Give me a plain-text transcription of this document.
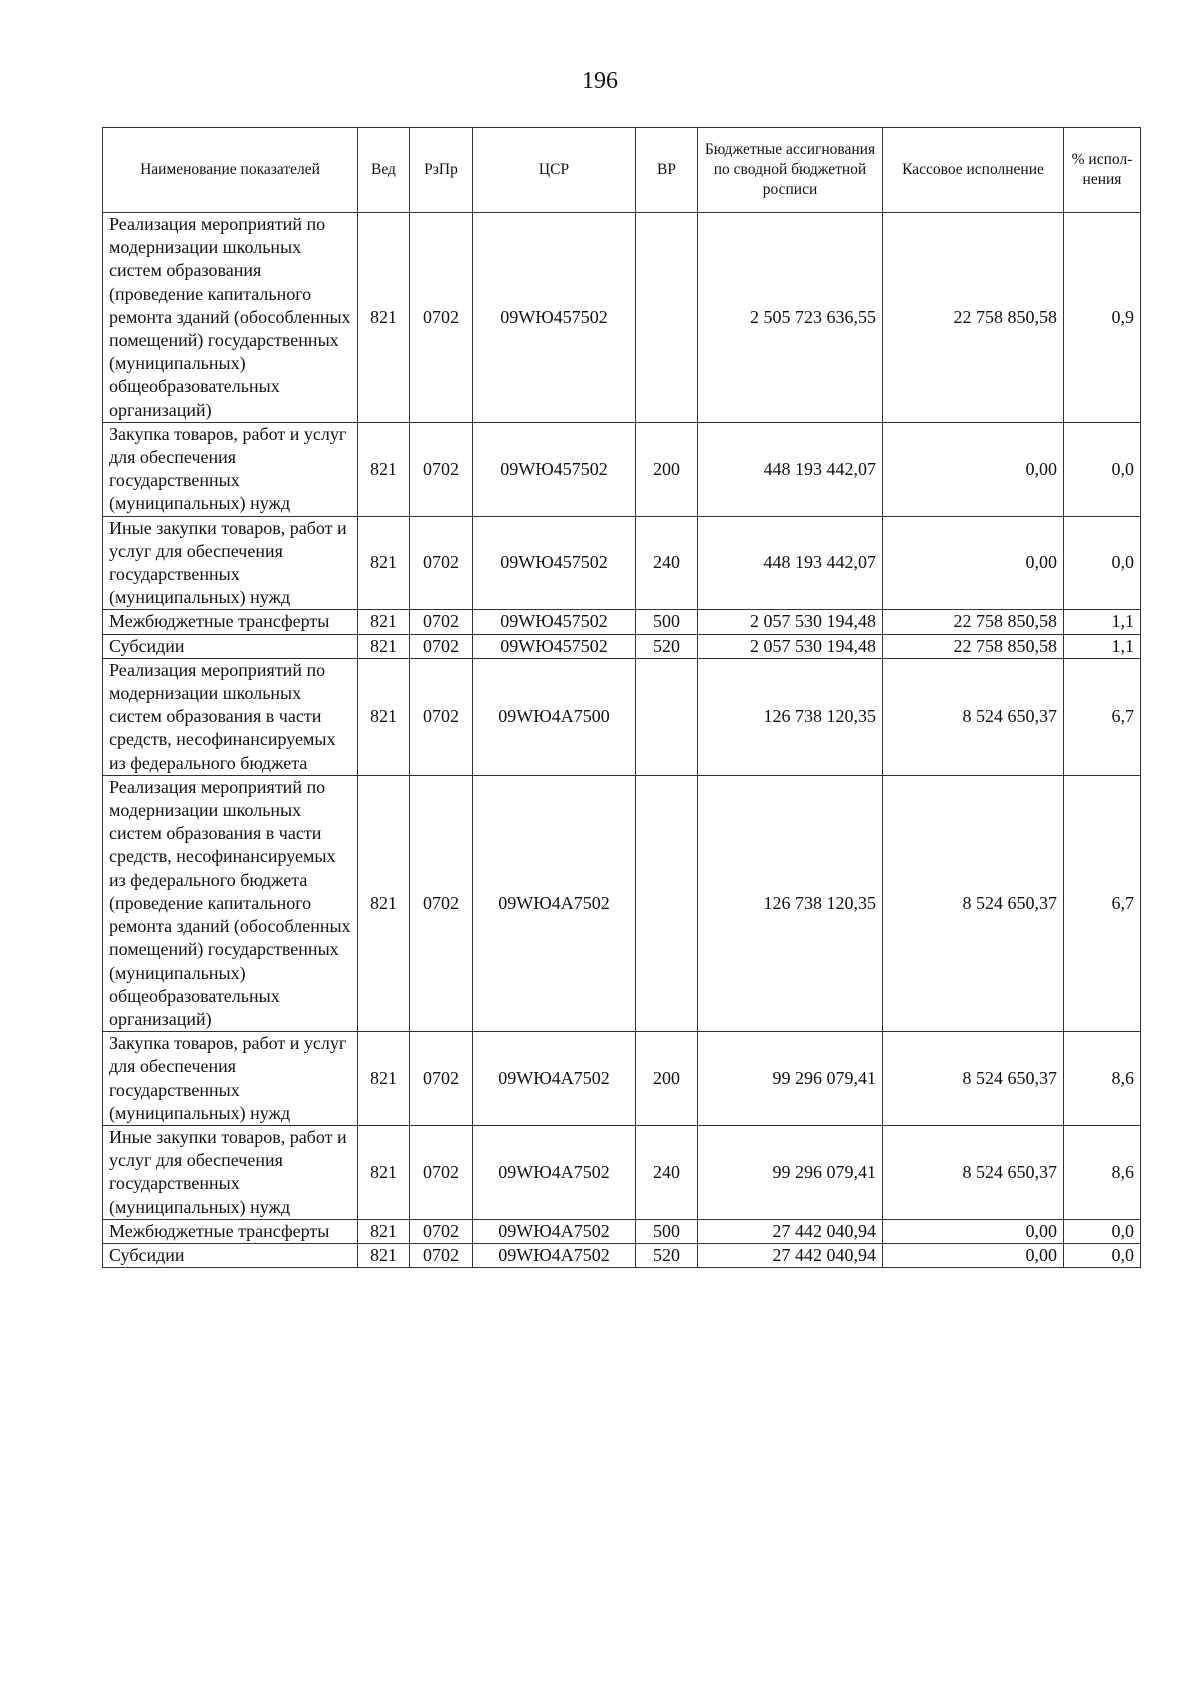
196
Наименование показателей	Вед	РзПр	ЦСР	ВР	Бюджетные ассигнования по сводной бюджетной росписи	Кассовое исполнение	% испол-нения
Реализация мероприятий по модернизации школьных систем образования (проведение капитального ремонта зданий (обособленных помещений) государственных (муниципальных) общеобразовательных организаций)	821	0702	09WЮ457502		2 505 723 636,55	22 758 850,58	0,9
Закупка товаров, работ и услуг для обеспечения государственных (муниципальных) нужд	821	0702	09WЮ457502	200	448 193 442,07	0,00	0,0
Иные закупки товаров, работ и услуг для обеспечения государственных (муниципальных) нужд	821	0702	09WЮ457502	240	448 193 442,07	0,00	0,0
Межбюджетные трансферты	821	0702	09WЮ457502	500	2 057 530 194,48	22 758 850,58	1,1
Субсидии	821	0702	09WЮ457502	520	2 057 530 194,48	22 758 850,58	1,1
Реализация мероприятий по модернизации школьных систем образования в части средств, несофинансируемых из федерального бюджета	821	0702	09WЮ4A7500		126 738 120,35	8 524 650,37	6,7
Реализация мероприятий по модернизации школьных систем образования в части средств, несофинансируемых из федерального бюджета (проведение капитального ремонта зданий (обособленных помещений) государственных (муниципальных) общеобразовательных организаций)	821	0702	09WЮ4A7502		126 738 120,35	8 524 650,37	6,7
Закупка товаров, работ и услуг для обеспечения государственных (муниципальных) нужд	821	0702	09WЮ4A7502	200	99 296 079,41	8 524 650,37	8,6
Иные закупки товаров, работ и услуг для обеспечения государственных (муниципальных) нужд	821	0702	09WЮ4A7502	240	99 296 079,41	8 524 650,37	8,6
Межбюджетные трансферты	821	0702	09WЮ4A7502	500	27 442 040,94	0,00	0,0
Субсидии	821	0702	09WЮ4A7502	520	27 442 040,94	0,00	0,0
